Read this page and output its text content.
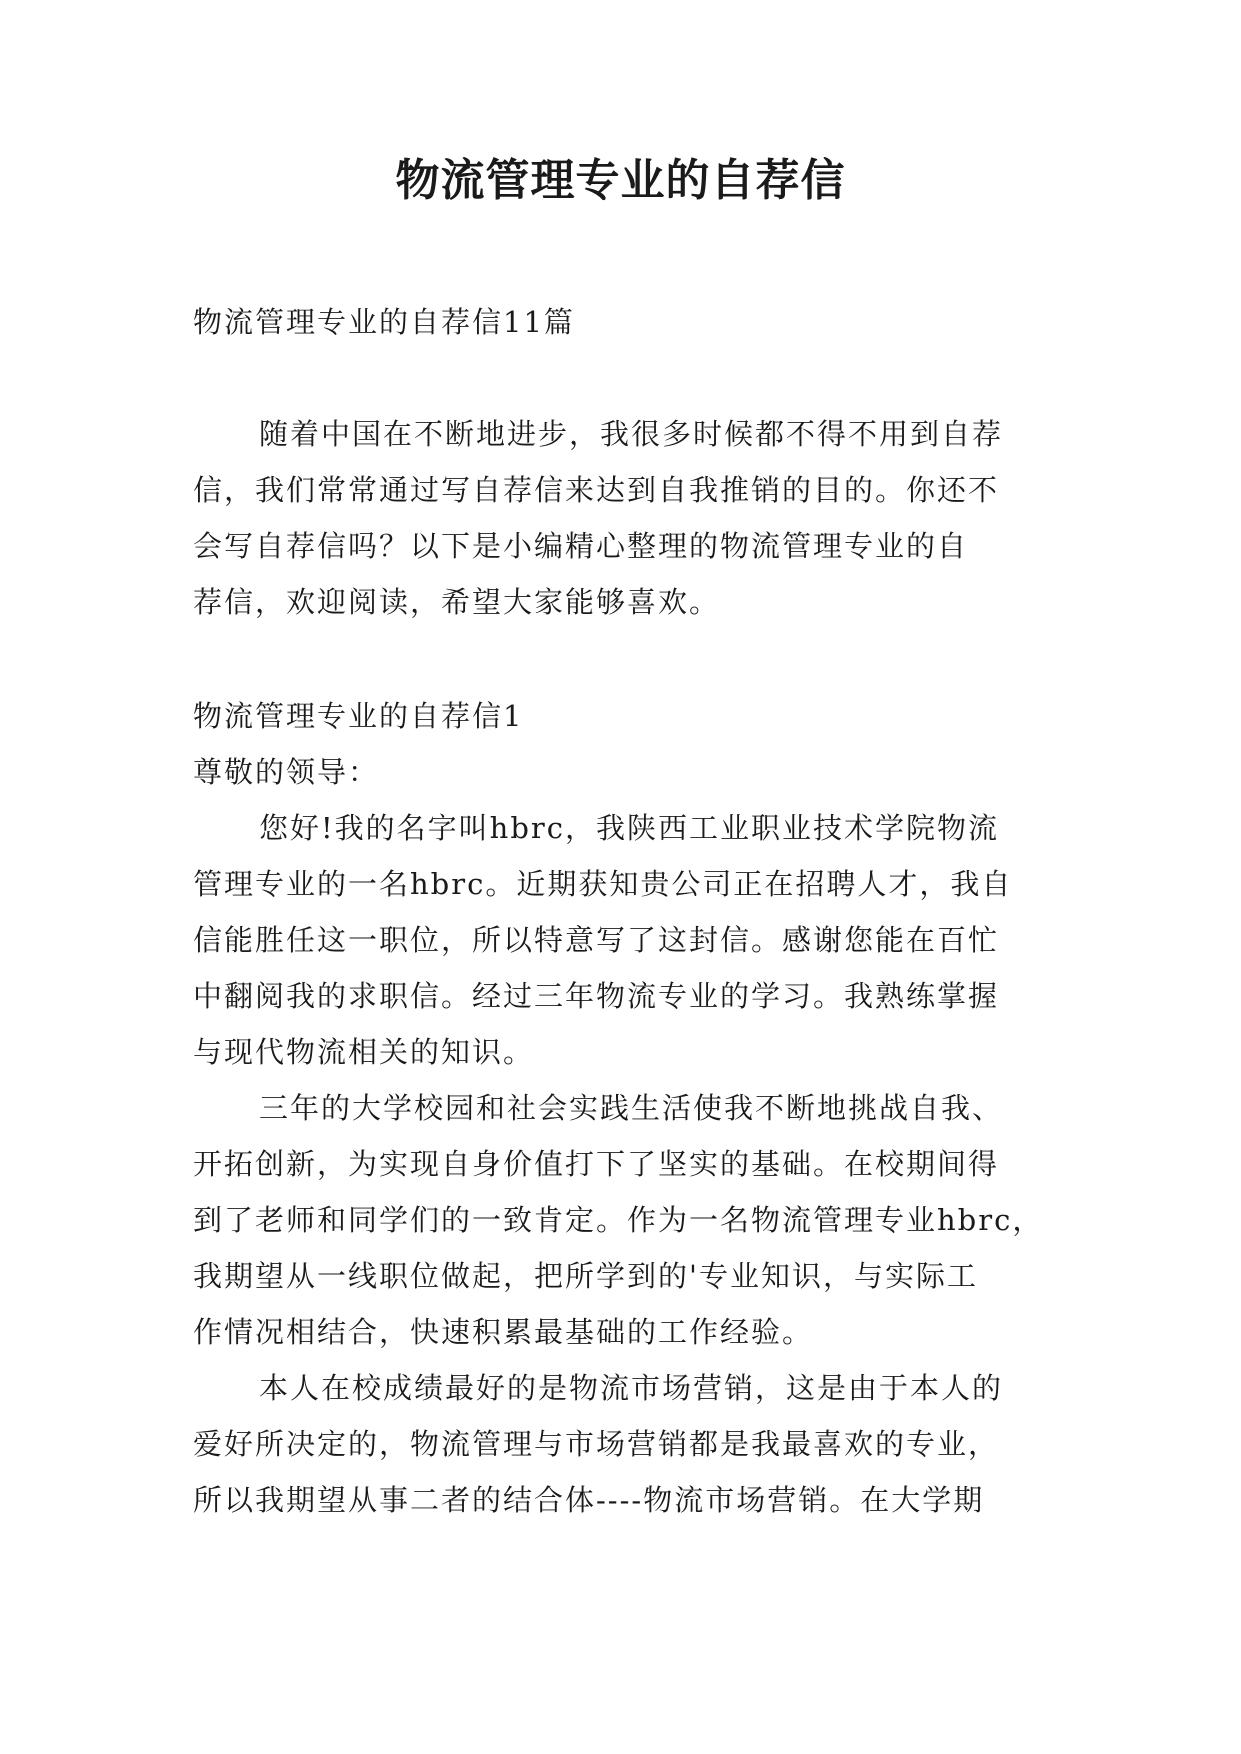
物流管理专业的自荐信
物流管理专业的自荐信11篇
随着中国在不断地进步，我很多时候都不得不用到自荐
信，我们常常通过写自荐信来达到自我推销的目的。你还不
会写自荐信吗？以下是小编精心整理的物流管理专业的自
荐信，欢迎阅读，希望大家能够喜欢。
物流管理专业的自荐信1
尊敬的领导：
您好!我的名字叫hbrc，我陕西工业职业技术学院物流
管理专业的一名hbrc。近期获知贵公司正在招聘人才，我自
信能胜任这一职位，所以特意写了这封信。感谢您能在百忙
中翻阅我的求职信。经过三年物流专业的学习。我熟练掌握
与现代物流相关的知识。
三年的大学校园和社会实践生活使我不断地挑战自我、
开拓创新，为实现自身价值打下了坚实的基础。在校期间得
到了老师和同学们的一致肯定。作为一名物流管理专业hbrc，
我期望从一线职位做起，把所学到的'专业知识，与实际工
作情况相结合，快速积累最基础的工作经验。
本人在校成绩最好的是物流市场营销，这是由于本人的
爱好所决定的，物流管理与市场营销都是我最喜欢的专业，
所以我期望从事二者的结合体----物流市场营销。在大学期
